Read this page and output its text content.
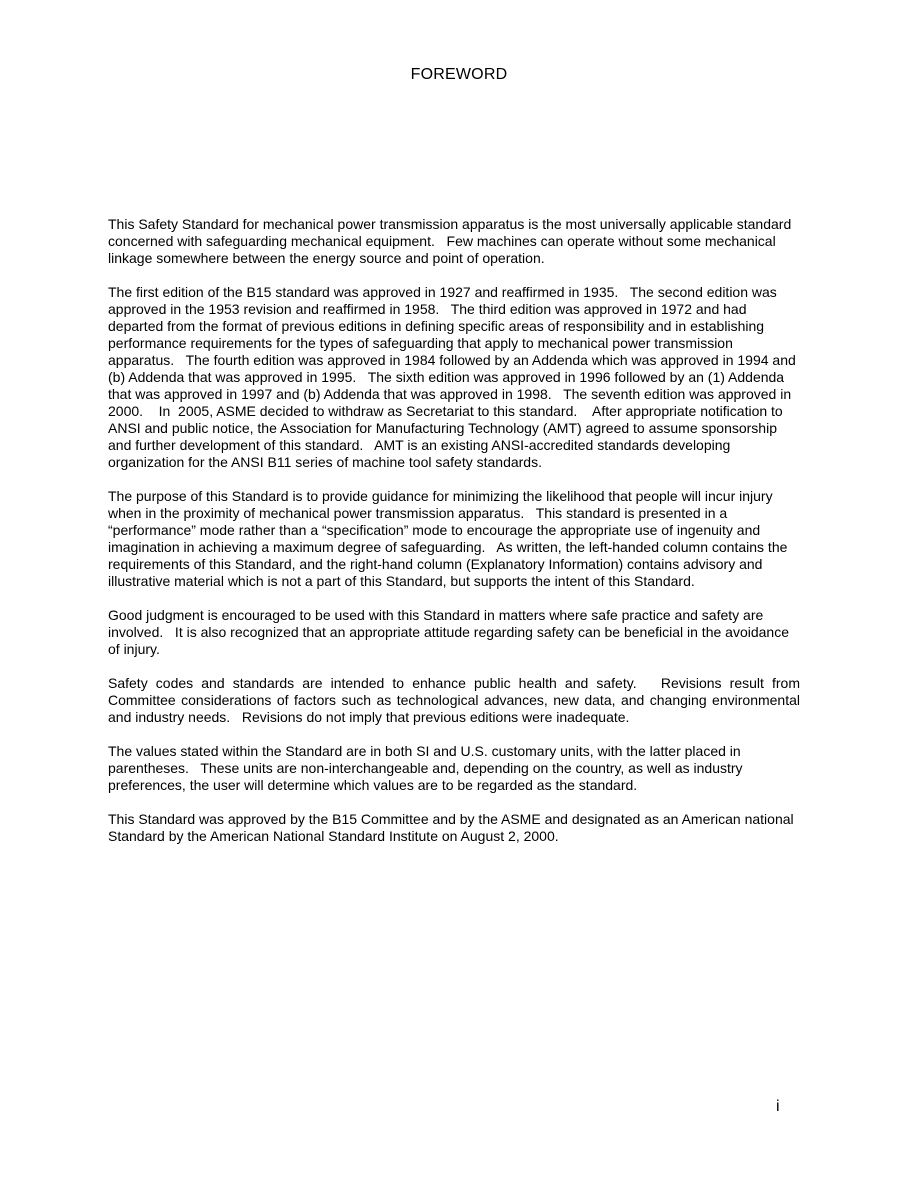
FOREWORD

This Safety Standard for mechanical power transmission apparatus is the most universally applicable standard concerned with safeguarding mechanical equipment.   Few machines can operate without some mechanical linkage somewhere between the energy source and point of operation.

The first edition of the B15 standard was approved in 1927 and reaffirmed in 1935.   The second edition was approved in the 1953 revision and reaffirmed in 1958.   The third edition was approved in 1972 and had departed from the format of previous editions in defining specific areas of responsibility and in establishing performance requirements for the types of safeguarding that apply to mechanical power transmission apparatus.   The fourth edition was approved in 1984 followed by an Addenda which was approved in 1994 and (b) Addenda that was approved in 1995.   The sixth edition was approved in 1996 followed by an (1) Addenda that was approved in 1997 and (b) Addenda that was approved in 1998.   The seventh edition was approved in  2000.    In  2005, ASME decided to withdraw as Secretariat to this standard.    After appropriate notification to ANSI and public notice, the Association for Manufacturing Technology (AMT) agreed to assume sponsorship and further development of this standard.   AMT is an existing ANSI-accredited standards developing organization for the ANSI B11 series of machine tool safety standards.

The purpose of this Standard is to provide guidance for minimizing the likelihood that people will incur injury when in the proximity of mechanical power transmission apparatus.   This standard is presented in a “performance” mode rather than a “specification” mode to encourage the appropriate use of ingenuity and imagination in achieving a maximum degree of safeguarding.   As written, the left-handed column contains the requirements of this Standard, and the right-hand column (Explanatory Information) contains advisory and illustrative material which is not a part of this Standard, but supports the intent of this Standard.

Good judgment is encouraged to be used with this Standard in matters where safe practice and safety are involved.   It is also recognized that an appropriate attitude regarding safety can be beneficial in the avoidance of injury.

Safety codes and standards are intended to enhance public health and safety.   Revisions result from Committee considerations of factors such as technological advances, new data, and changing environmental and industry needs.   Revisions do not imply that previous editions were inadequate.

The values stated within the Standard are in both SI and U.S. customary units, with the latter placed in parentheses.   These units are non-interchangeable and, depending on the country, as well as industry preferences, the user will determine which values are to be regarded as the standard.

This Standard was approved by the B15 Committee and by the ASME and designated as an American national Standard by the American National Standard Institute on August 2, 2000.

i
